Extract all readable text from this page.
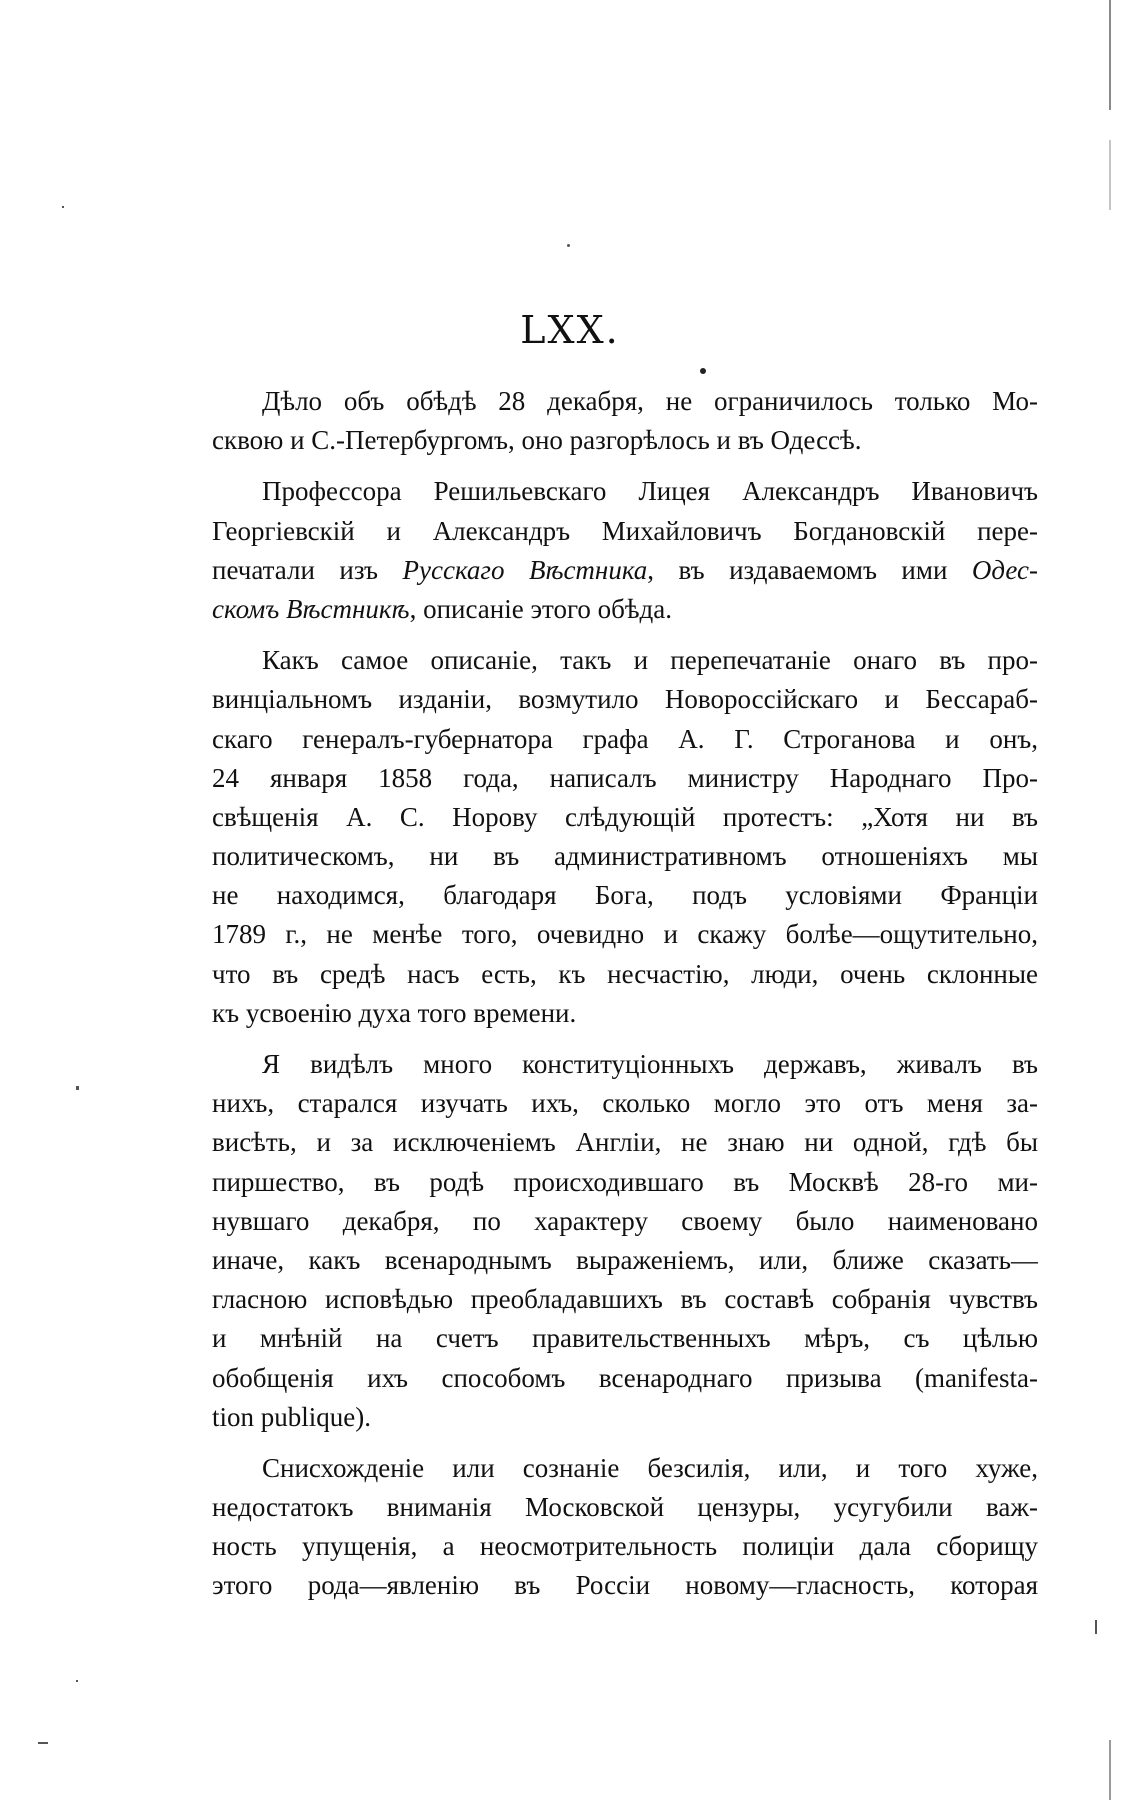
LXX.
Дѣло объ обѣдѣ 28 декабря, не ограничилось только Мо-
сквою и С.-Петербургомъ, оно разгорѣлось и въ Одессѣ.
Профессора Решильевскаго Лицея Александръ Ивановичъ
Георгіевскій и Александръ Михайловичъ Богдановскій пере-
печатали изъ Русскаго Вѣстника, въ издаваемомъ ими Одес-
скомъ Вѣстникѣ, описаніе этого обѣда.
Какъ самое описаніе, такъ и перепечатаніе онаго въ про-
винціальномъ изданіи, возмутило Новороссійскаго и Бессараб-
скаго генералъ-губернатора графа А. Г. Строганова и онъ,
24 января 1858 года, написалъ министру Народнаго Про-
свѣщенія А. С. Норову слѣдующій протестъ: „Хотя ни въ
политическомъ, ни въ административномъ отношеніяхъ мы
не находимся, благодаря Бога, подъ условіями Франціи
1789 г., не менѣе того, очевидно и скажу болѣе—ощутительно,
что въ средѣ насъ есть, къ несчастію, люди, очень склонные
къ усвоенію духа того времени.
Я видѣлъ много конституціонныхъ державъ, живалъ въ
нихъ, старался изучать ихъ, сколько могло это отъ меня за-
висѣть, и за исключеніемъ Англіи, не знаю ни одной, гдѣ бы
пиршество, въ родѣ происходившаго въ Москвѣ 28-го ми-
нувшаго декабря, по характеру своему было наименовано
иначе, какъ всенароднымъ выраженіемъ, или, ближе сказать—
гласною исповѣдью преобладавшихъ въ составѣ собранія чувствъ
и мнѣній на счетъ правительственныхъ мѣръ, съ цѣлью
обобщенія ихъ способомъ всенароднаго призыва (manifesta-
tion publique).
Снисхожденіе или сознаніе безсилія, или, и того хуже,
недостатокъ вниманія Московской цензуры, усугубили важ-
ность упущенія, а неосмотрительность полиціи дала сборищу
этого рода—явленію въ Россіи новому—гласность, которая
